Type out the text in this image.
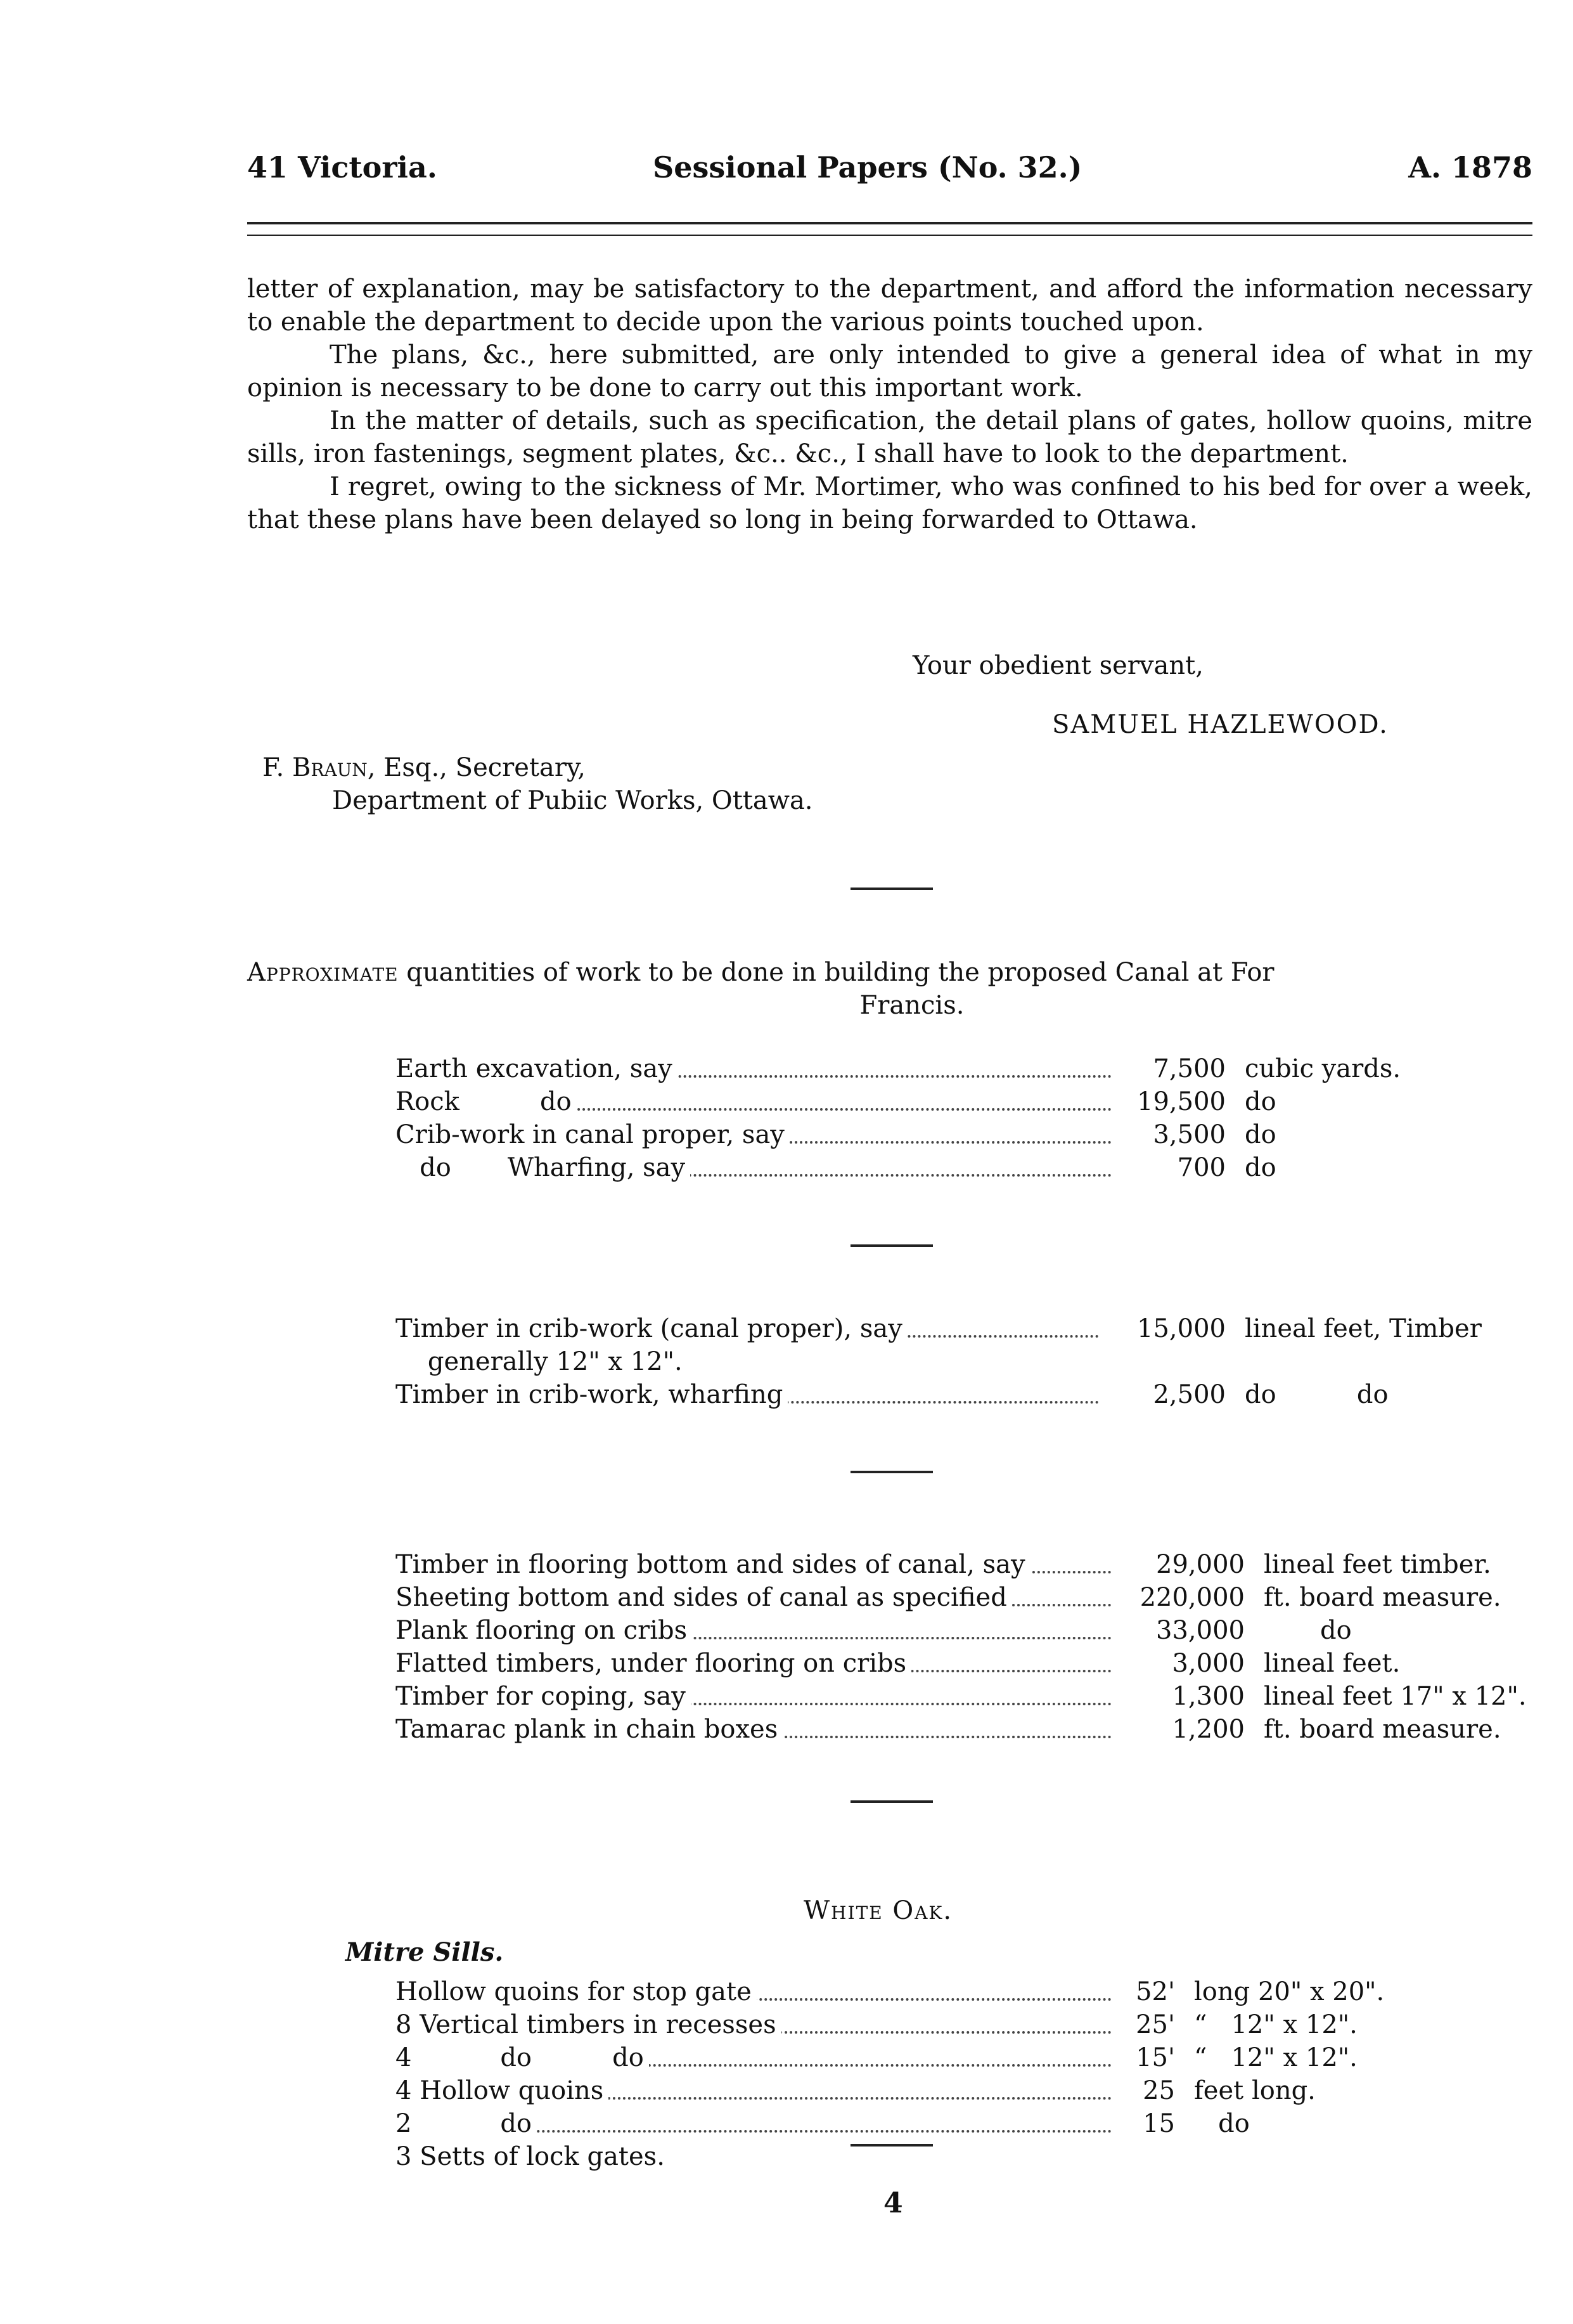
41 Victoria.	Sessional Papers (No. 32.)	A. 1878

letter of explanation, may be satisfactory to the department, and afford the information necessary to enable the department to decide upon the various points touched upon.

The plans, &c., here submitted, are only intended to give a general idea of what in my opinion is necessary to be done to carry out this important work.

In the matter of details, such as specification, the detail plans of gates, hollow quoins, mitre sills, iron fastenings, segment plates, &c.. &c., I shall have to look to the department.

I regret, owing to the sickness of Mr. Mortimer, who was confined to his bed for over a week, that these plans have been delayed so long in being forwarded to Ottawa.

Your obedient servant,
SAMUEL HAZLEWOOD.
F. Braun, Esq., Secretary,
Department of Pubiic Works, Ottawa.
Approximate quantities of work to be done in building the proposed Canal at For
Francis.
Earth excavation, say	7,500	cubic yards.
Rock          do	19,500	do
Crib-work in canal proper, say	3,500	do
do       Wharfing, say	700	do
Timber in crib-work (canal proper), say	15,000	lineal feet, Timber
generally 12" x 12".		
Timber in crib-work, wharfing	2,500	do          do
Timber in flooring bottom and sides of canal, say	29,000	lineal feet timber.
Sheeting bottom and sides of canal as specified	220,000	ft. board measure.
Plank flooring on cribs	33,000	do
Flatted timbers, under flooring on cribs	3,000	lineal feet.
Timber for coping, say	1,300	lineal feet 17" x 12".
Tamarac plank in chain boxes	1,200	ft. board measure.
White Oak.
Mitre Sills.
Hollow quoins for stop gate	52'	long 20" x 20".
8 Vertical timbers in recesses	25'	“   12" x 12".
4           do          do	15'	“   12" x 12".
4 Hollow quoins	25	feet long.
2           do	15	do
3 Setts of lock gates.		
4
